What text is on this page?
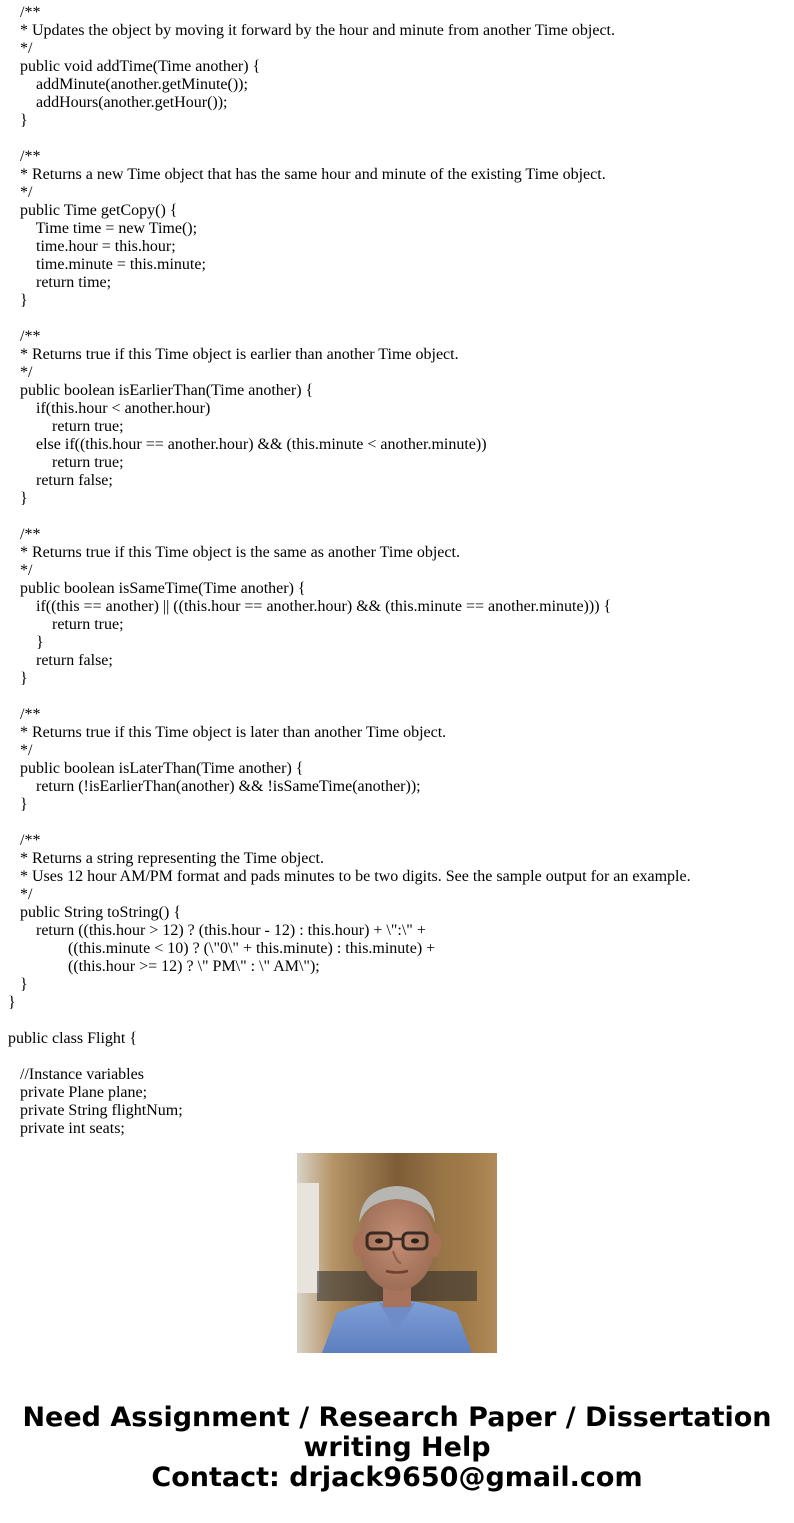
/**
* Updates the object by moving it forward by the hour and minute from another Time object.
*/
public void addTime(Time another) {
addMinute(another.getMinute());
addHours(another.getHour());
}
/**
* Returns a new Time object that has the same hour and minute of the existing Time object.
*/
public Time getCopy() {
Time time = new Time();
time.hour = this.hour;
time.minute = this.minute;
return time;
}
/**
* Returns true if this Time object is earlier than another Time object.
*/
public boolean isEarlierThan(Time another) {
if(this.hour < another.hour)
return true;
else if((this.hour == another.hour) && (this.minute < another.minute))
return true;
return false;
}
/**
* Returns true if this Time object is the same as another Time object.
*/
public boolean isSameTime(Time another) {
if((this == another) || ((this.hour == another.hour) && (this.minute == another.minute))) {
return true;
}
return false;
}
/**
* Returns true if this Time object is later than another Time object.
*/
public boolean isLaterThan(Time another) {
return (!isEarlierThan(another) && !isSameTime(another));
}
/**
* Returns a string representing the Time object.
* Uses 12 hour AM/PM format and pads minutes to be two digits. See the sample output for an example.
*/
public String toString() {
return ((this.hour > 12) ? (this.hour - 12) : this.hour) + \":\" +
((this.minute < 10) ? (\"0\" + this.minute) : this.minute) +
((this.hour >= 12) ? \" PM\" : \" AM\");
}
}
public class Flight {
//Instance variables
private Plane plane;
private String flightNum;
private int seats;
Need Assignment / Research Paper / Dissertation
writing Help
Contact: drjack9650@gmail.com
